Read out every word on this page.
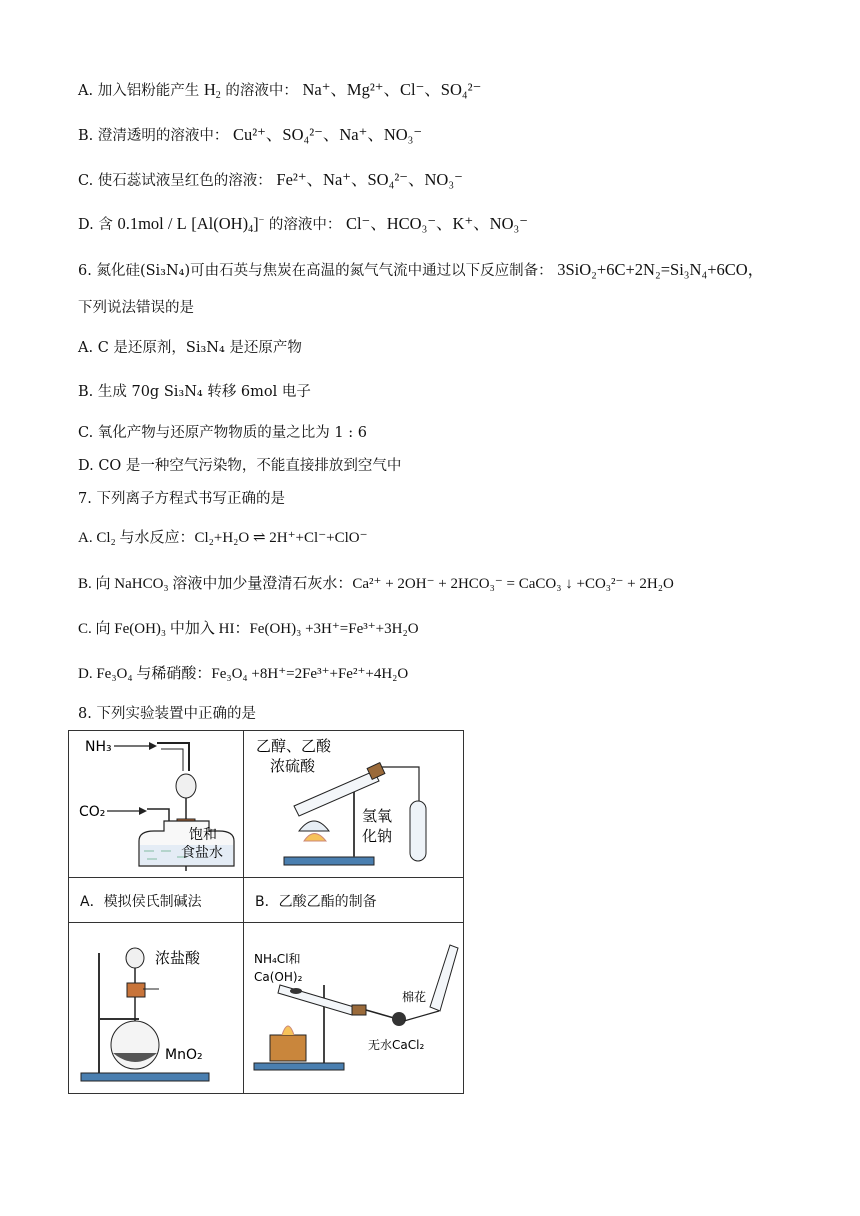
A. 加入铝粉能产生 $H_2$ 的溶液中： Na⁺、Mg²⁺、Cl⁻、SO₄²⁻
B. 澄清透明的溶液中： Cu²⁺、SO₄²⁻、Na⁺、NO₃⁻
C. 使石蕊试液呈红色的溶液： Fe²⁺、Na⁺、SO₄²⁻、NO₃⁻
D. 含 0.1mol / L $[Al(OH)_4]^-$ 的溶液中： Cl⁻、HCO₃⁻、K⁺、NO₃⁻
6. 氮化硅(Si₃N₄)可由石英与焦炭在高温的氮气气流中通过以下反应制备： 3SiO₂+6C+2N₂=Si₃N₄+6CO，
下列说法错误的是
A. C 是还原剂，Si₃N₄ 是还原产物
B. 生成 70g Si₃N₄ 转移 6mol 电子
C. 氧化产物与还原产物物质的量之比为 1 : 6
D. CO 是一种空气污染物，不能直接排放到空气中
7. 下列离子方程式书写正确的是
A. Cl₂ 与水反应：Cl₂+H₂O ⇌ 2H⁺+Cl⁻+ClO⁻
B. 向 NaHCO₃ 溶液中加少量澄清石灰水：Ca²⁺ + 2OH⁻ + 2HCO₃⁻ = CaCO₃ ↓ +CO₃²⁻ + 2H₂O
C. 向 Fe(OH)₃ 中加入 HI：Fe(OH)₃ +3H⁺=Fe³⁺+3H₂O
D. Fe₃O₄ 与稀硝酸：Fe₃O₄ +8H⁺=2Fe³⁺+Fe²⁺+4H₂O
8. 下列实验装置中正确的是
A．模拟侯氏制碱法	B．乙酸乙酯的制备
NH₃
CO₂
饱和
食盐水
乙醇、乙酸
浓硫酸
氢氧
化钠
浓盐酸
MnO₂
NH₄Cl和
Ca(OH)₂
棉花
无水CaCl₂
